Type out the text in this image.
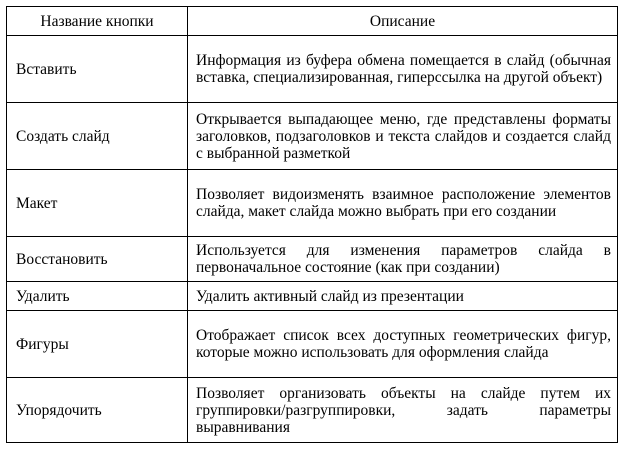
Название кнопки	Описание
Вставить	Информация из буфера обмена помещается в слайд (обычная вставка, специализированная, гиперссылка на другой объект)
Создать слайд	Открывается выпадающее меню, где представлены форматы заголовков, подзаголовков и текста слайдов и создается слайд с выбранной разметкой
Макет	Позволяет видоизменять взаимное расположение элементов слайда, макет слайда можно выбрать при его создании
Восстановить	Используется для изменения параметров слайда в первоначальное состояние (как при создании)
Удалить	Удалить активный слайд из презентации
Фигуры	Отображает список всех доступных геометрических фигур, которые можно использовать для оформления слайда
Упорядочить	Позволяет организовать объекты на слайде путем их группировки/разгруппировки, задать параметры выравнивания
